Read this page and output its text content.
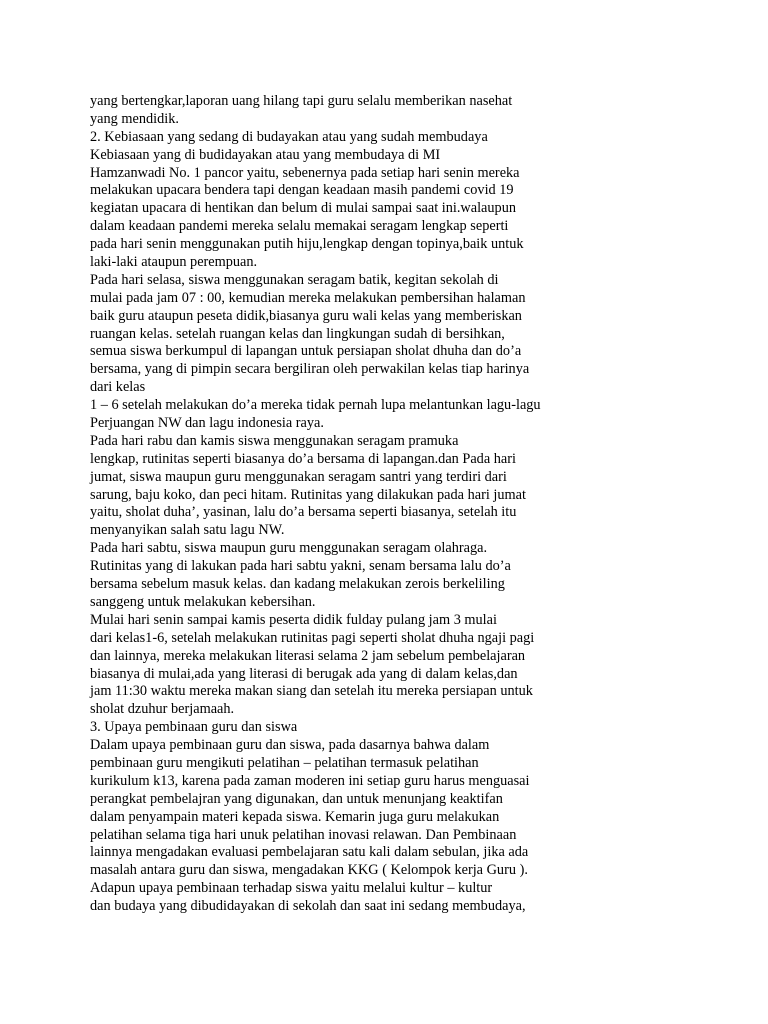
yang bertengkar,laporan uang hilang tapi guru selalu memberikan nasehat
yang mendidik.
2. Kebiasaan yang sedang di budayakan atau yang sudah membudaya
Kebiasaan yang di budidayakan atau yang membudaya di MI
Hamzanwadi No. 1 pancor yaitu, sebenernya pada setiap hari senin mereka
melakukan upacara bendera tapi dengan keadaan masih pandemi covid 19
kegiatan upacara di hentikan dan belum di mulai sampai saat ini.walaupun
dalam keadaan pandemi mereka selalu memakai seragam lengkap seperti
pada hari senin menggunakan putih hiju,lengkap dengan topinya,baik untuk
laki-laki ataupun perempuan.
Pada hari selasa, siswa menggunakan seragam batik, kegitan sekolah di
mulai pada jam 07 : 00, kemudian mereka melakukan pembersihan halaman
baik guru ataupun peseta didik,biasanya guru wali kelas yang memberiskan
ruangan kelas. setelah ruangan kelas dan lingkungan sudah di bersihkan,
semua siswa berkumpul di lapangan untuk persiapan sholat dhuha dan do’a
bersama, yang di pimpin secara bergiliran oleh perwakilan kelas tiap harinya
dari kelas
1 – 6 setelah melakukan do’a mereka tidak pernah lupa melantunkan lagu-lagu
Perjuangan NW dan lagu indonesia raya.
Pada hari rabu dan kamis siswa menggunakan seragam pramuka
lengkap, rutinitas seperti biasanya do’a bersama di lapangan.dan Pada hari
jumat, siswa maupun guru menggunakan seragam santri yang terdiri dari
sarung, baju koko, dan peci hitam. Rutinitas yang dilakukan pada hari jumat
yaitu, sholat duha’, yasinan, lalu do’a bersama seperti biasanya, setelah itu
menyanyikan salah satu lagu NW.
Pada hari sabtu, siswa maupun guru menggunakan seragam olahraga.
Rutinitas yang di lakukan pada hari sabtu yakni, senam bersama lalu do’a
bersama sebelum masuk kelas. dan kadang melakukan zerois berkeliling
sanggeng untuk melakukan kebersihan.
Mulai hari senin sampai kamis peserta didik fulday pulang jam 3 mulai
dari kelas1-6, setelah melakukan rutinitas pagi seperti sholat dhuha ngaji pagi
dan lainnya, mereka melakukan literasi selama 2 jam sebelum pembelajaran
biasanya di mulai,ada yang literasi di berugak ada yang di dalam kelas,dan
jam 11:30 waktu mereka makan siang dan setelah itu mereka persiapan untuk
sholat dzuhur berjamaah.
3. Upaya pembinaan guru dan siswa
Dalam upaya pembinaan guru dan siswa, pada dasarnya bahwa dalam
pembinaan guru mengikuti pelatihan – pelatihan termasuk pelatihan
kurikulum k13, karena pada zaman moderen ini setiap guru harus menguasai
perangkat pembelajran yang digunakan, dan untuk menunjang keaktifan
dalam penyampain materi kepada siswa. Kemarin juga guru melakukan
pelatihan selama tiga hari unuk pelatihan inovasi relawan. Dan Pembinaan
lainnya mengadakan evaluasi pembelajaran satu kali dalam sebulan, jika ada
masalah antara guru dan siswa, mengadakan KKG ( Kelompok kerja Guru ).
Adapun upaya pembinaan terhadap siswa yaitu melalui kultur – kultur
dan budaya yang dibudidayakan di sekolah dan saat ini sedang membudaya,
